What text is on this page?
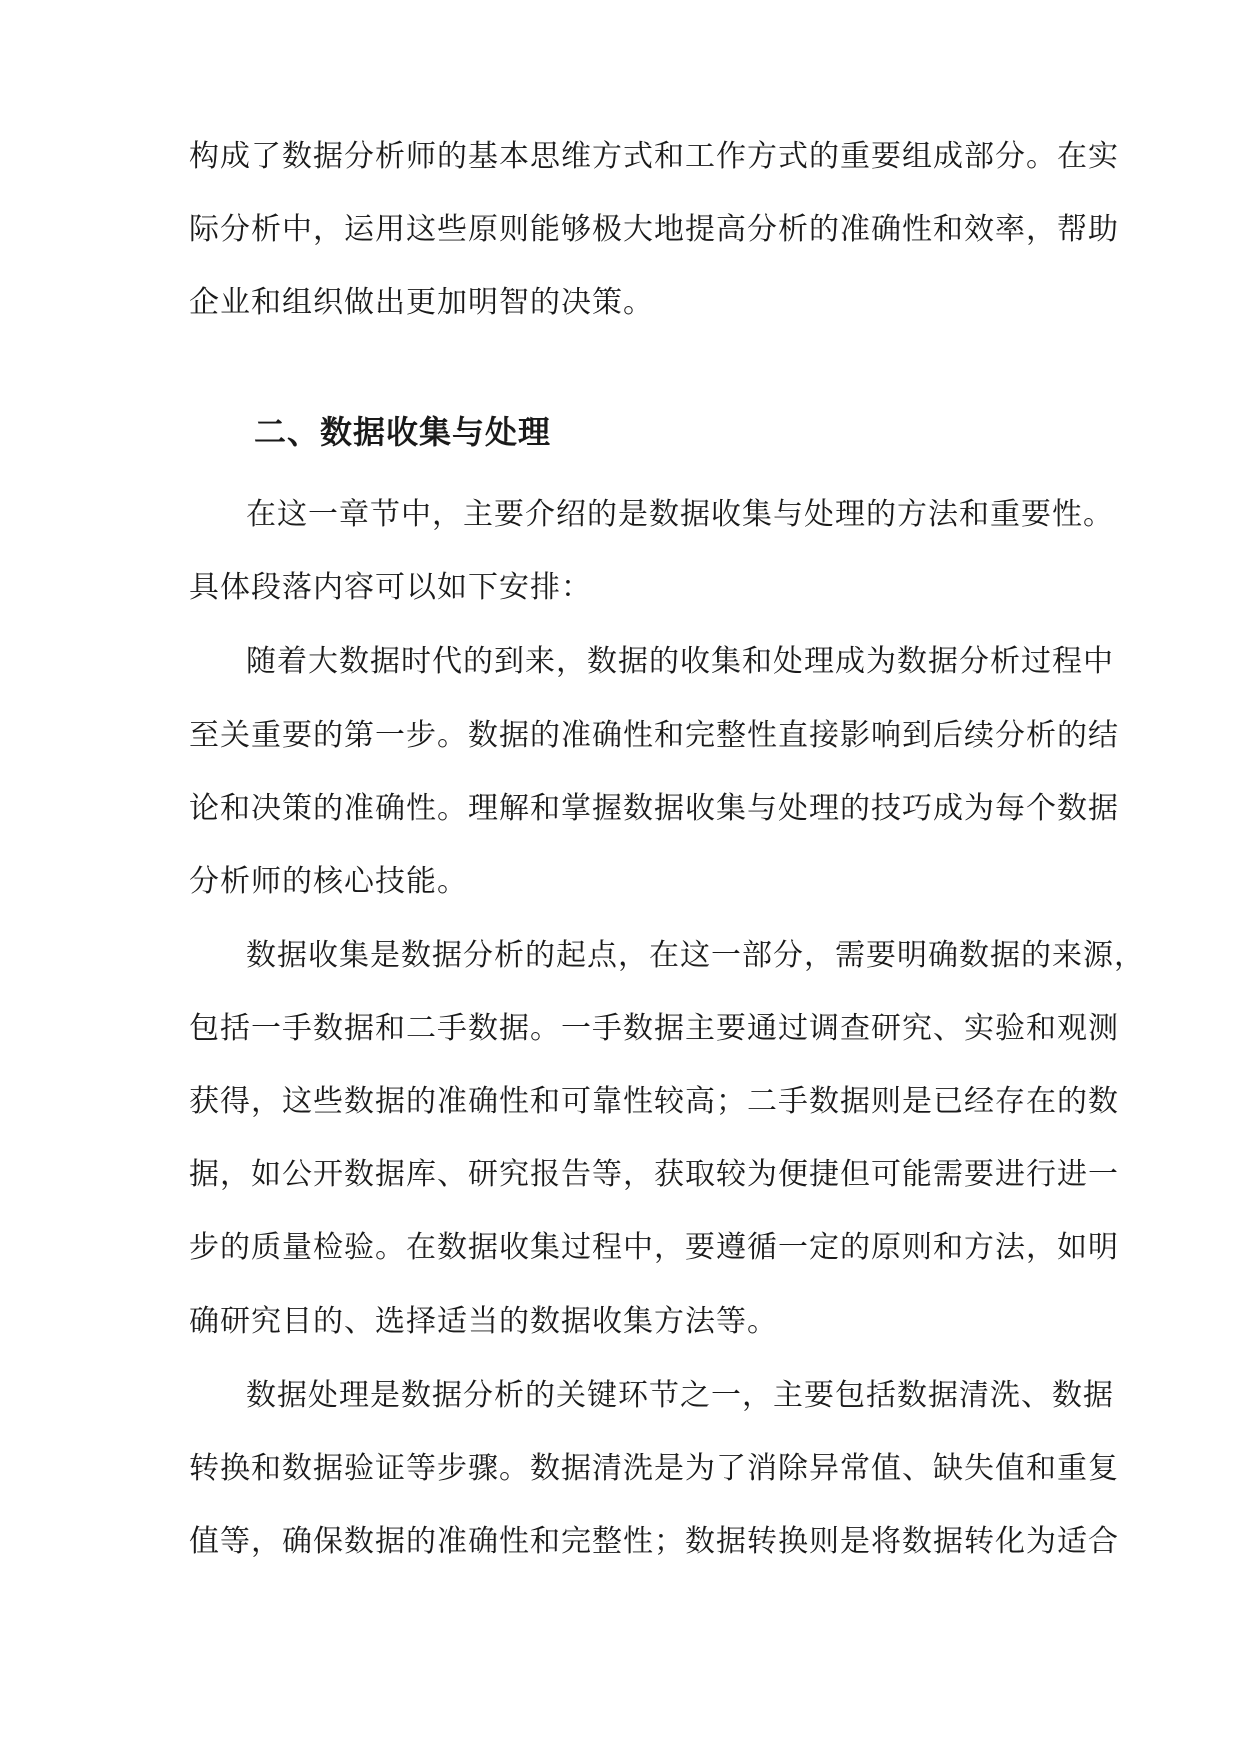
构成了数据分析师的基本思维方式和工作方式的重要组成部分。在实
际分析中，运用这些原则能够极大地提高分析的准确性和效率，帮助
企业和组织做出更加明智的决策。
二、数据收集与处理
在这一章节中，主要介绍的是数据收集与处理的方法和重要性。
具体段落内容可以如下安排：
随着大数据时代的到来，数据的收集和处理成为数据分析过程中
至关重要的第一步。数据的准确性和完整性直接影响到后续分析的结
论和决策的准确性。理解和掌握数据收集与处理的技巧成为每个数据
分析师的核心技能。
数据收集是数据分析的起点，在这一部分，需要明确数据的来源，
包括一手数据和二手数据。一手数据主要通过调查研究、实验和观测
获得，这些数据的准确性和可靠性较高；二手数据则是已经存在的数
据，如公开数据库、研究报告等，获取较为便捷但可能需要进行进一
步的质量检验。在数据收集过程中，要遵循一定的原则和方法，如明
确研究目的、选择适当的数据收集方法等。
数据处理是数据分析的关键环节之一，主要包括数据清洗、数据
转换和数据验证等步骤。数据清洗是为了消除异常值、缺失值和重复
值等，确保数据的准确性和完整性；数据转换则是将数据转化为适合
